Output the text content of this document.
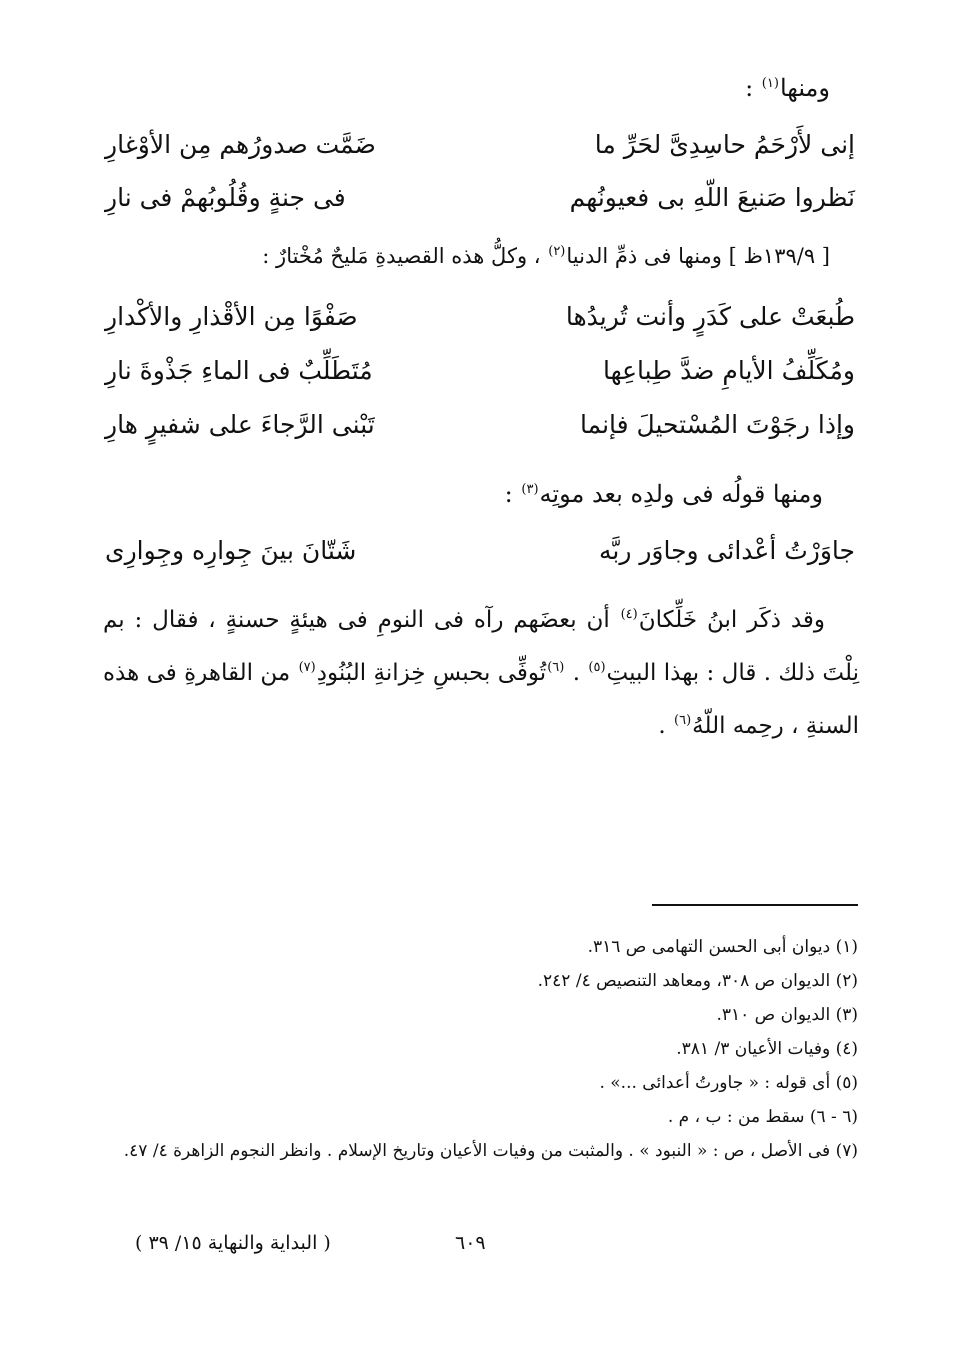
ومنها$^{(١)}$ :
إنى لأَرْحَمُ حاسِدِىَّ لحَرِّ ما
ضَمَّت صدورُهم مِن الأوْغارِ
نَظروا صَنيعَ اللّهِ بى فعيونُهم
فى جنةٍ وقُلُوبُهمْ فى نارِ
[ ١٣٩/٩ظ ] ومنها فى ذمِّ الدنيا$^{(٢)}$ ، وكلُّ هذه القصيدةِ مَليحٌ مُخْتارٌ :
طُبعَتْ على كَدَرٍ وأنت تُريدُها
صَفْوًا مِن الأقْذارِ والأكْدارِ
ومُكَلِّفُ الأيامِ ضدَّ طِباعِها
مُتَطَلِّبٌ فى الماءِ جَذْوةَ نارِ
وإذا رجَوْتَ المُسْتحيلَ فإنما
تَبْنى الرَّجاءَ على شفيرٍ هارِ
ومنها قولُه فى ولدِه بعد موتِه$^{(٣)}$ :
جاوَرْتُ أعْدائى وجاوَر ربَّه
شَتّانَ بينَ جِوارِه وجِوارِى

وقد ذكَر ابنُ خَلِّكانَ$^{(٤)}$ أن بعضَهم رآه فى النومِ فى هيئةٍ حسنةٍ ، فقال : بم نِلْتَ ذلك . قال : بهذا البيتِ$^{(٥)}$ . $^{(٦)}$تُوفِّى بحبسِ خِزانةِ البُنُودِ$^{(٧)}$ من القاهرةِ فى هذه السنةِ ، رحِمه اللّهُ$^{(٦)}$ .

(١) ديوان أبى الحسن التهامى ص ٣١٦.
(٢) الديوان ص ٣٠٨، ومعاهد التنصيص ٤/ ٢٤٢.
(٣) الديوان ص ٣١٠.
(٤) وفيات الأعيان ٣/ ٣٨١.
(٥) أى قوله : « جاورتُ أعدائى ...» .
(٦ - ٦) سقط من : ب ، م .
(٧) فى الأصل ، ص : « النبود » . والمثبت من وفيات الأعيان وتاريخ الإسلام . وانظر النجوم الزاهرة ٤/ ٤٧.
٦٠٩
( البداية والنهاية ١٥/ ٣٩ )
